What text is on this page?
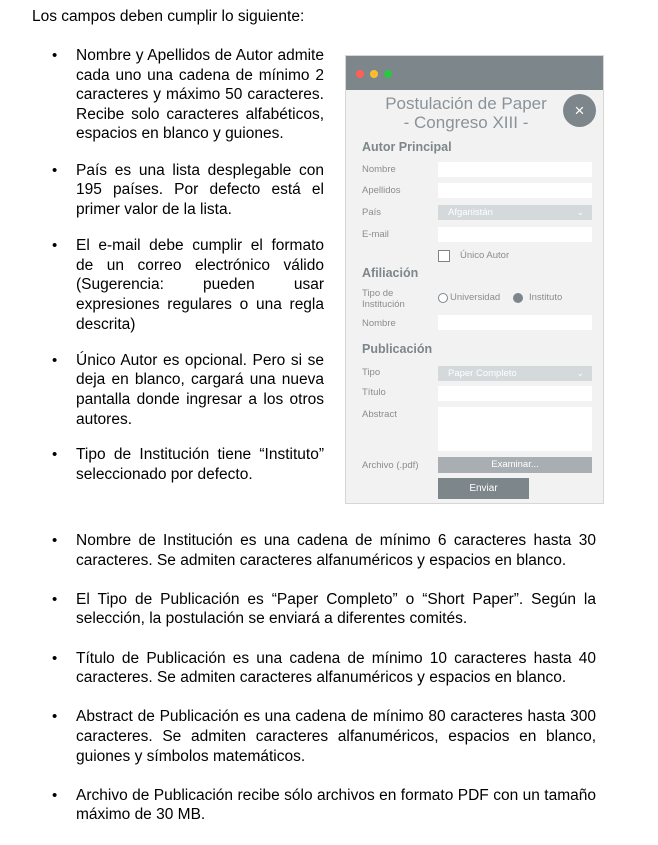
Los campos deben cumplir lo siguiente:
• Nombre y Apellidos de Autor admite cada uno una cadena de mínimo 2 caracteres y máximo 50 caracteres. Recibe solo caracteres alfabéticos, espacios en blanco y guiones.
• País es una lista desplegable con 195 países. Por defecto está el primer valor de la lista.
• El e-mail debe cumplir el formato de un correo electrónico válido (Sugerencia: pueden usar expresiones regulares o una regla descrita)
• Único Autor es opcional. Pero si se deja en blanco, cargará una nueva pantalla donde ingresar a los otros autores.
• Tipo de Institución tiene “Instituto” seleccionado por defecto.
Postulación de Paper
- Congreso XIII -
×
Autor Principal
Nombre
Apellidos
País	Afganistán	⌄
E-mail
Único Autor
Afiliación
Tipo de
Institución
Universidad	Instituto
Nombre
Publicación
Tipo	Paper Completo	⌄
Título
Abstract
Archivo (.pdf)	Examinar...
Enviar
• Nombre de Institución es una cadena de mínimo 6 caracteres hasta 30 caracteres. Se admiten caracteres alfanuméricos y espacios en blanco.
• El Tipo de Publicación es “Paper Completo” o “Short Paper”. Según la selección, la postulación se enviará a diferentes comités.
• Título de Publicación es una cadena de mínimo 10 caracteres hasta 40 caracteres. Se admiten caracteres alfanuméricos y espacios en blanco.
• Abstract de Publicación es una cadena de mínimo 80 caracteres hasta 300 caracteres. Se admiten caracteres alfanuméricos, espacios en blanco, guiones y símbolos matemáticos.
• Archivo de Publicación recibe sólo archivos en formato PDF con un tamaño máximo de 30 MB.
